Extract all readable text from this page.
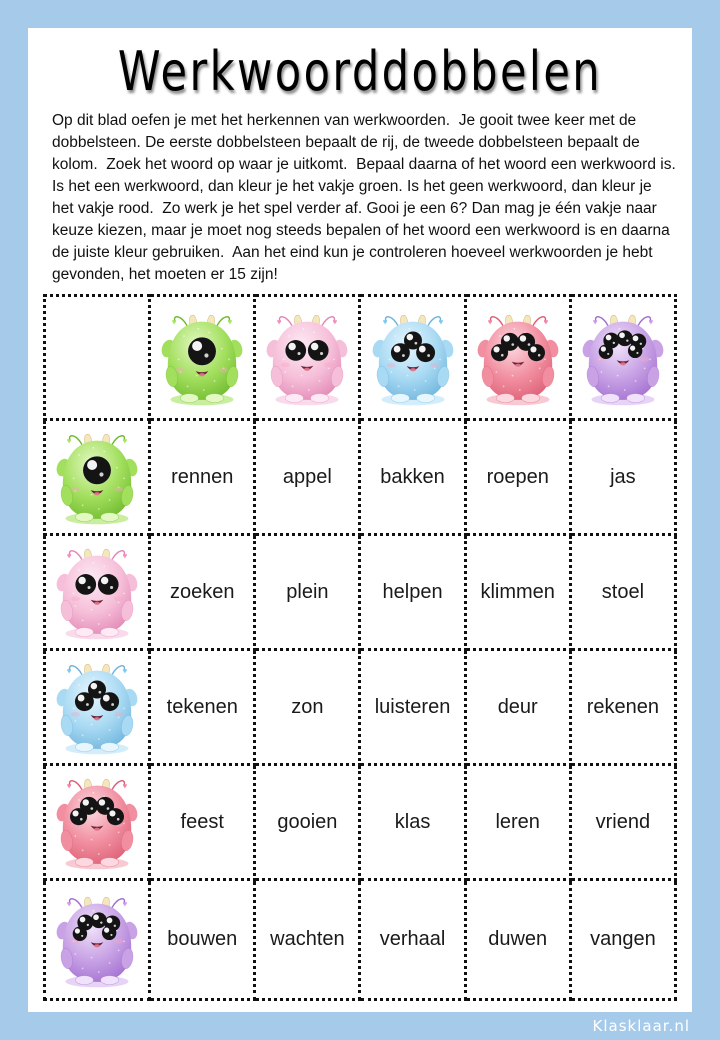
Werkwoorddobbelen

Op dit blad oefen je met het herkennen van werkwoorden.  Je gooit twee keer met de dobbelsteen. De eerste dobbelsteen bepaalt de rij, de tweede dobbelsteen bepaalt de kolom.  Zoek het woord op waar je uitkomt.  Bepaal daarna of het woord een werkwoord is. Is het een werkwoord, dan kleur je het vakje groen. Is het geen werkwoord, dan kleur je het vakje rood.  Zo werk je het spel verder af. Gooi je een 6? Dan mag je één vakje naar keuze kiezen, maar je moet nog steeds bepalen of het woord een werkwoord is en daarna de juiste kleur gebruiken.  Aan het eind kun je controleren hoeveel werkwoorden je hebt gevonden, het moeten er 15 zijn!

♥ ♥	♥ ♥	♥ ♥	♥ ♥	♥ ♥

♥ ♥	rennen	appel	bakken	roepen	jas

♥ ♥	zoeken	plein	helpen	klimmen	stoel

♥ ♥	tekenen	zon	luisteren	deur	rekenen

♥ ♥	feest	gooien	klas	leren	vriend

♥ ♥	bouwen	wachten	verhaal	duwen	vangen
Klasklaar.nl
